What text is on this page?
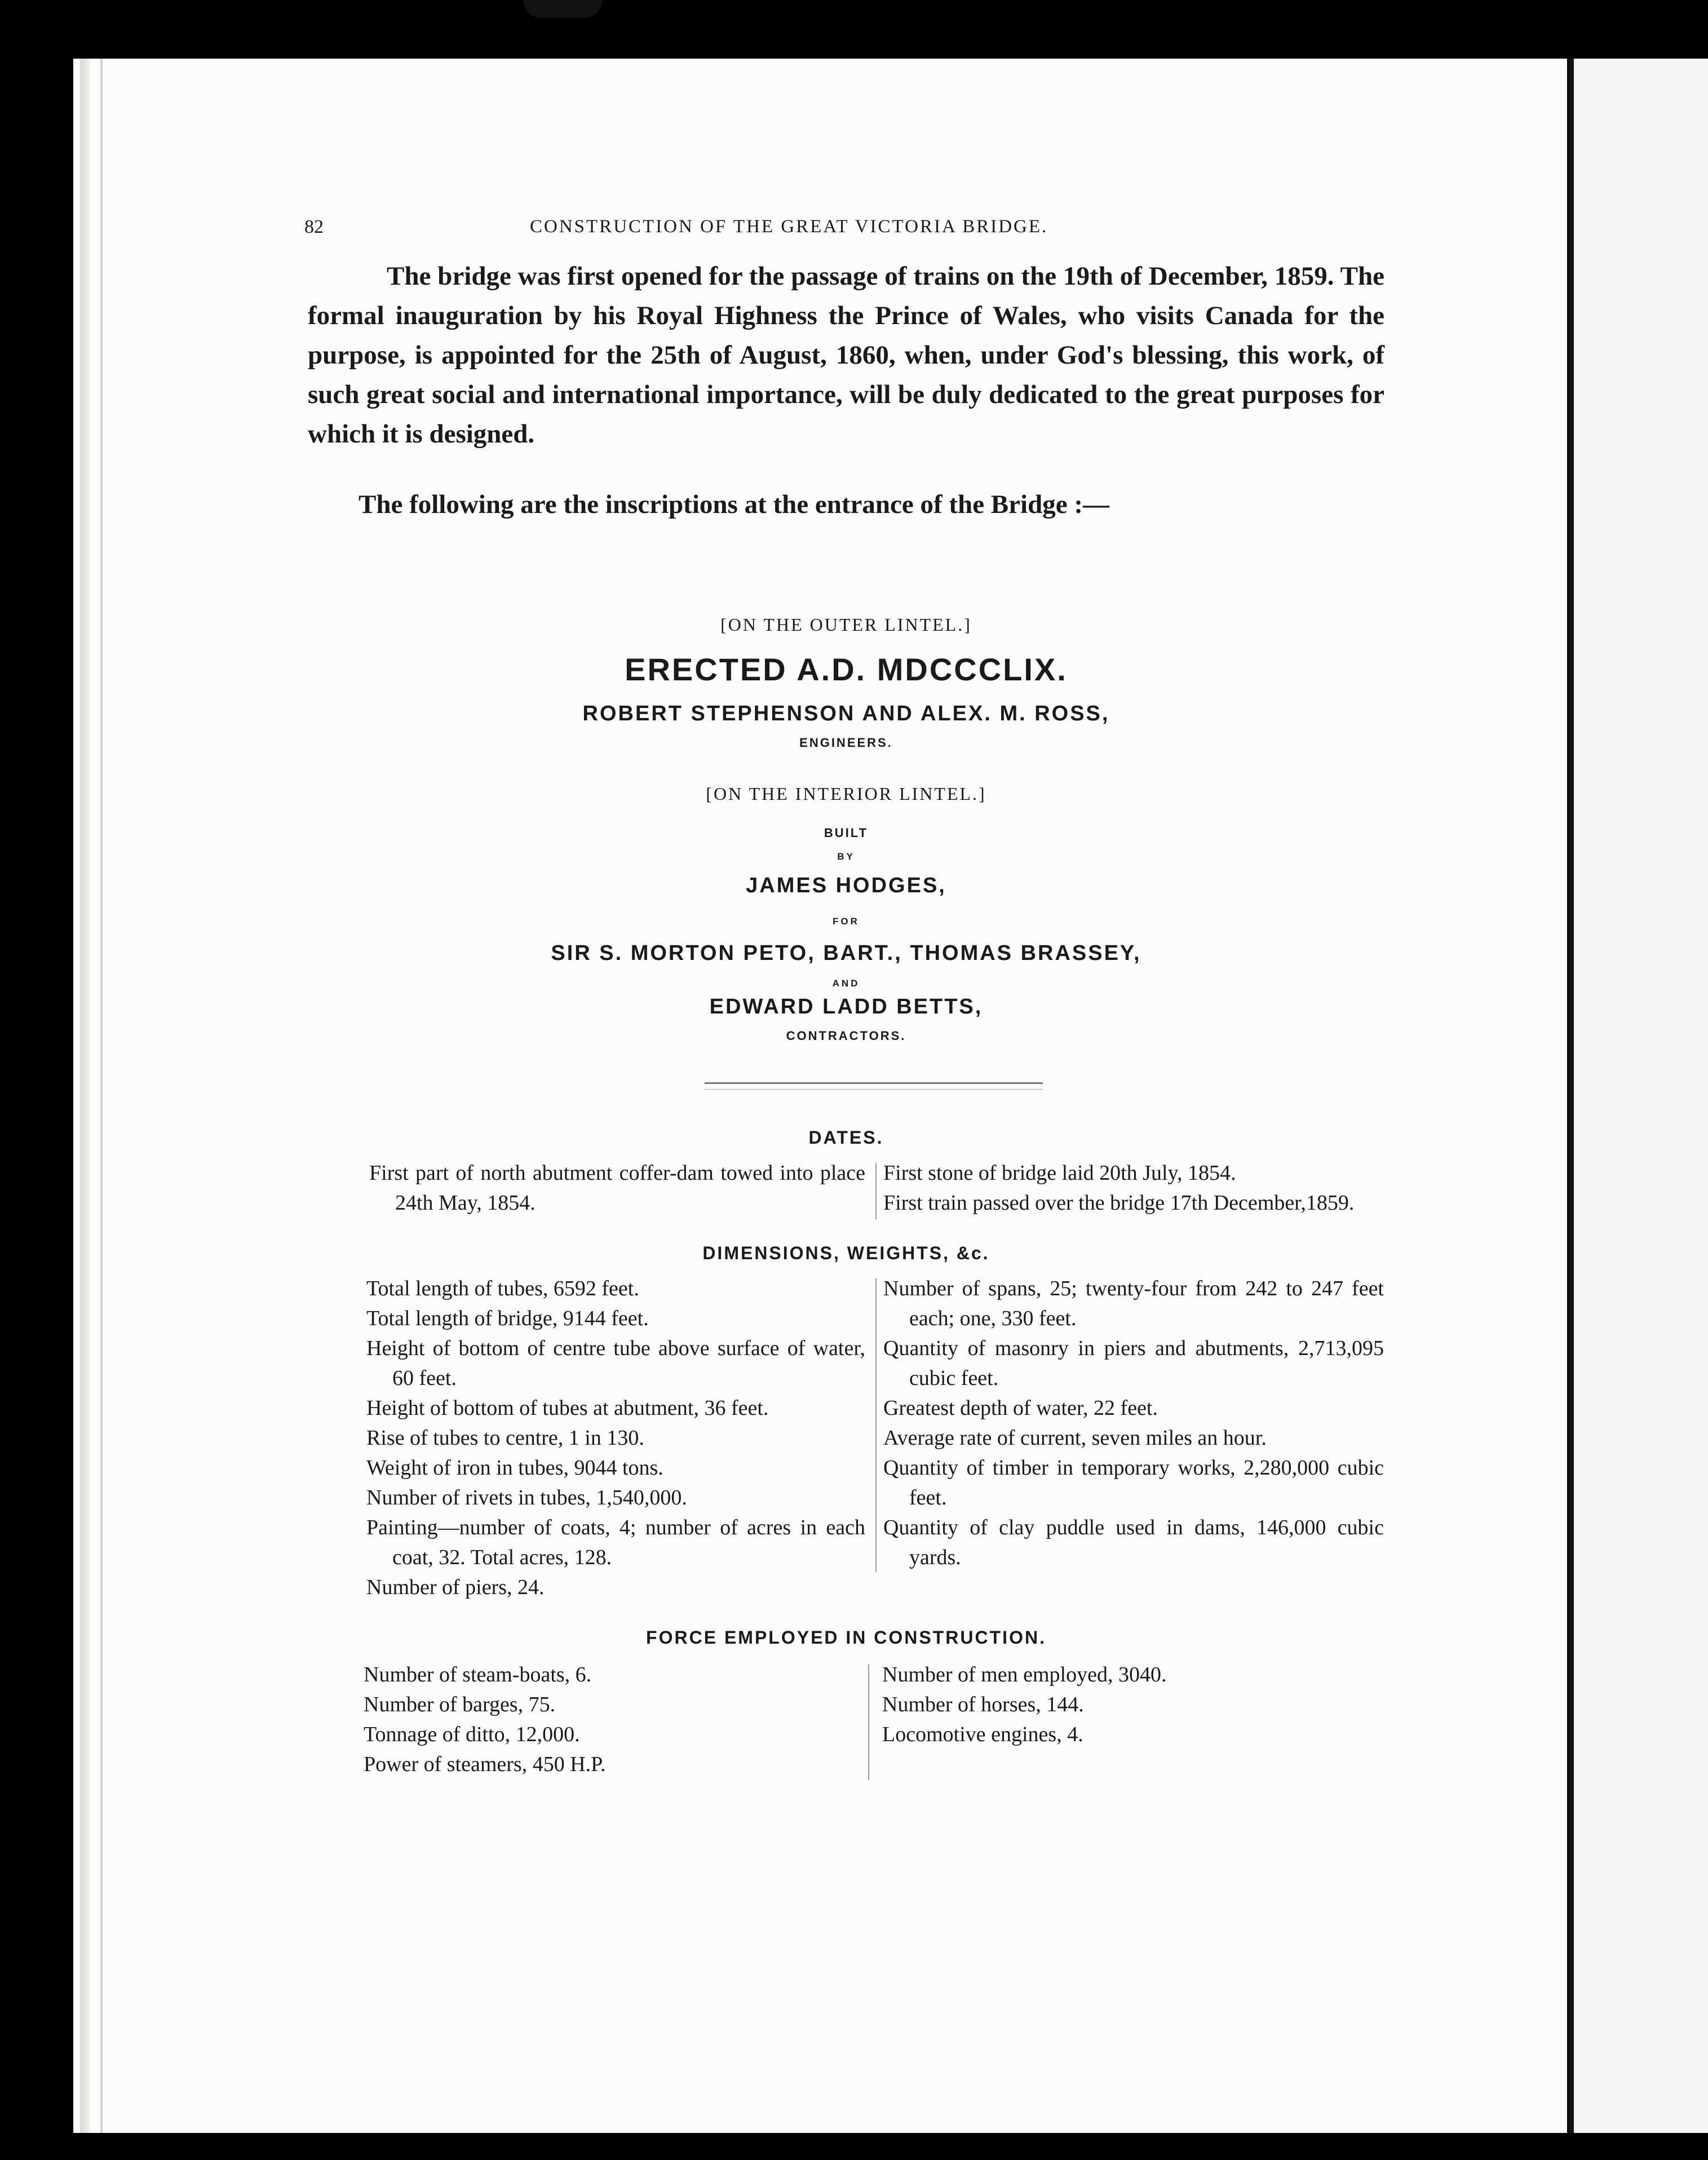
82	CONSTRUCTION OF THE GREAT VICTORIA BRIDGE.

The bridge was first opened for the passage of trains on the 19th of December, 1859. The formal inauguration by his Royal Highness the Prince of Wales, who visits Canada for the purpose, is appointed for the 25th of August, 1860, when, under God's blessing, this work, of such great social and international importance, will be duly dedicated to the great purposes for which it is designed.

The following are the inscriptions at the entrance of the Bridge :—

[ON THE OUTER LINTEL.]
ERECTED A.D. MDCCCLIX.
ROBERT STEPHENSON AND ALEX. M. ROSS,
ENGINEERS.
[ON THE INTERIOR LINTEL.]
BUILT
BY
JAMES HODGES,
FOR
SIR S. MORTON PETO, BART., THOMAS BRASSEY,
AND
EDWARD LADD BETTS,
CONTRACTORS.
DATES.

First part of north abutment coffer-dam towed into place 24th May, 1854.

First stone of bridge laid 20th July, 1854.

First train passed over the bridge 17th December,1859.

DIMENSIONS, WEIGHTS, &c.

Total length of tubes, 6592 feet.

Total length of bridge, 9144 feet.

Height of bottom of centre tube above surface of water, 60 feet.

Height of bottom of tubes at abutment, 36 feet.

Rise of tubes to centre, 1 in 130.

Weight of iron in tubes, 9044 tons.

Number of rivets in tubes, 1,540,000.

Painting—number of coats, 4; number of acres in each coat, 32. Total acres, 128.

Number of piers, 24.

Number of spans, 25; twenty-four from 242 to 247 feet each; one, 330 feet.

Quantity of masonry in piers and abutments, 2,713,095 cubic feet.

Greatest depth of water, 22 feet.

Average rate of current, seven miles an hour.

Quantity of timber in temporary works, 2,280,000 cubic feet.

Quantity of clay puddle used in dams, 146,000 cubic yards.

FORCE EMPLOYED IN CONSTRUCTION.

Number of steam-boats, 6.

Number of barges, 75.

Tonnage of ditto, 12,000.

Power of steamers, 450 H.P.

Number of men employed, 3040.

Number of horses, 144.

Locomotive engines, 4.
